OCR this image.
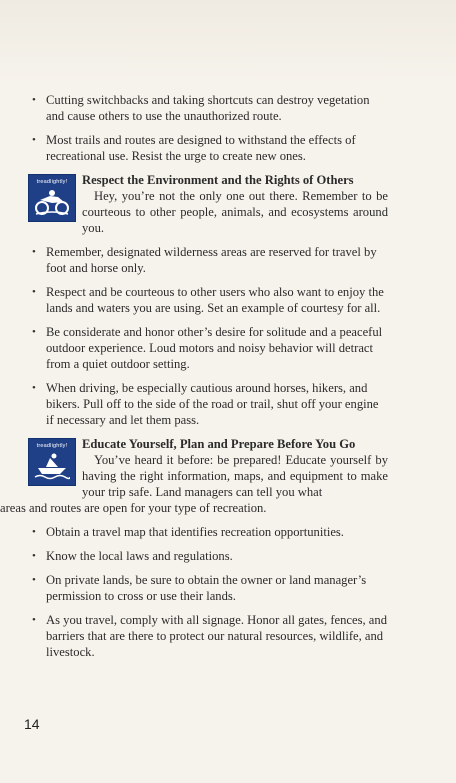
• Cutting switchbacks and taking shortcuts can destroy vegetation and cause others to use the unauthorized route.
• Most trails and routes are designed to withstand the effects of recreational use. Resist the urge to create new ones.
treadlightly!	Respect the Environment and the Rights of Others
Hey, you’re not the only one out there. Remember to be courteous to other people, animals, and ecosystems around you.
• Remember, designated wilderness areas are reserved for travel by foot and horse only.
• Respect and be courteous to other users who also want to enjoy the lands and waters you are using. Set an example of courtesy for all.
• Be considerate and honor other’s desire for solitude and a peaceful outdoor experience. Loud motors and noisy behavior will detract from a quiet outdoor setting.
• When driving, be especially cautious around horses, hikers, and bikers. Pull off to the side of the road or trail, shut off your engine if necessary and let them pass.
treadlightly!	Educate Yourself, Plan and Prepare Before You Go
You’ve heard it before: be prepared! Educate yourself by having the right information, maps, and equipment to make your trip safe. Land managers can tell you what
areas and routes are open for your type of recreation.
• Obtain a travel map that identifies recreation opportunities.
• Know the local laws and regulations.
• On private lands, be sure to obtain the owner or land manager’s permission to cross or use their lands.
• As you travel, comply with all signage. Honor all gates, fences, and barriers that are there to protect our natural resources, wildlife, and livestock.
14
